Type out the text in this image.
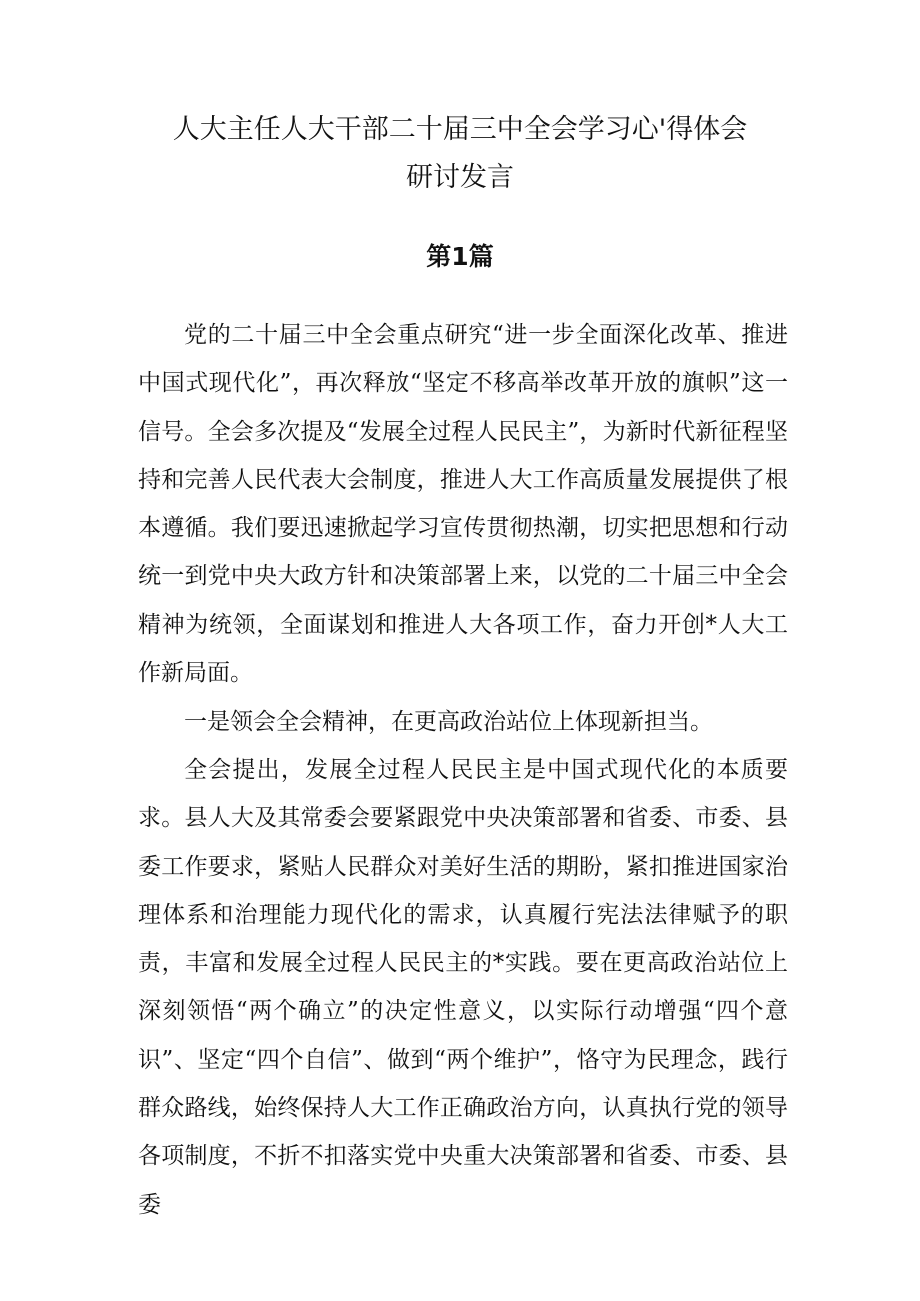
人大主任人大干部二十届三中全会学习心'得体会
研讨发言
第1篇

党的二十届三中全会重点研究“进一步全面深化改革、推进中国式现代化”，再次释放“坚定不移高举改革开放的旗帜”这一信号。全会多次提及“发展全过程人民民主”，为新时代新征程坚持和完善人民代表大会制度，推进人大工作高质量发展提供了根本遵循。我们要迅速掀起学习宣传贯彻热潮，切实把思想和行动统一到党中央大政方针和决策部署上来，以党的二十届三中全会精神为统领，全面谋划和推进人大各项工作，奋力开创*人大工作新局面。

一是领会全会精神，在更高政治站位上体现新担当。

全会提出，发展全过程人民民主是中国式现代化的本质要求。县人大及其常委会要紧跟党中央决策部署和省委、市委、县委工作要求，紧贴人民群众对美好生活的期盼，紧扣推进国家治理体系和治理能力现代化的需求，认真履行宪法法律赋予的职责，丰富和发展全过程人民民主的*实践。要在更高政治站位上深刻领悟“两个确立”的决定性意义，以实际行动增强“四个意识”、坚定“四个自信”、做到“两个维护”，恪守为民理念，践行群众路线，始终保持人大工作正确政治方向，认真执行党的领导各项制度，不折不扣落实党中央重大决策部署和省委、市委、县委
